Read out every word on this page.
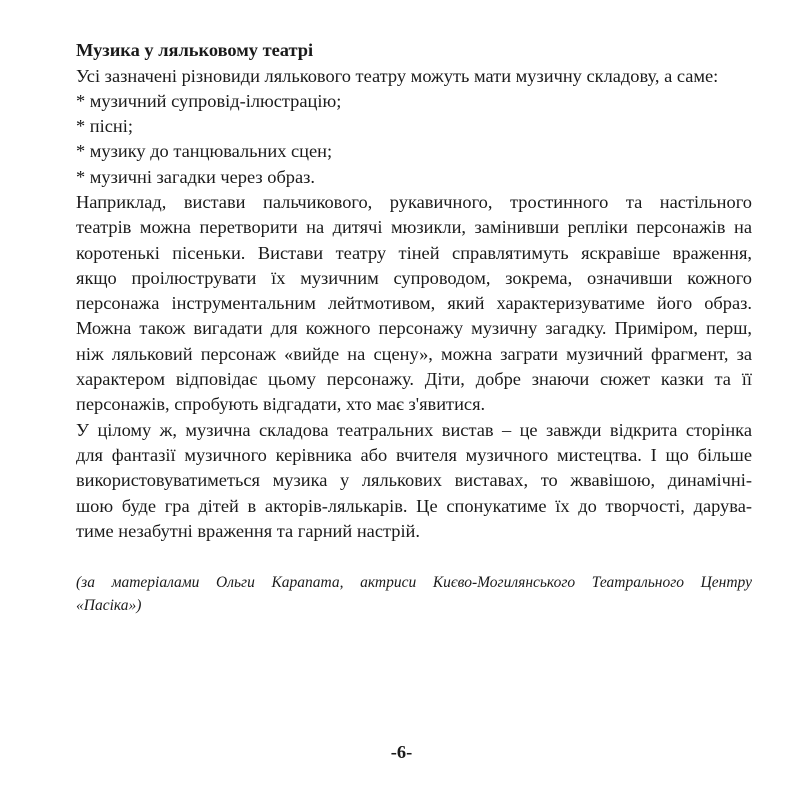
Музика у ляльковому театрі

Усі зазначені різновиди лялькового театру можуть мати музичну складову, а саме:

* музичний супровід-ілюстрацію;

* пісні;

* музику до танцювальних сцен;

* музичні загадки через образ.

Наприклад, вистави пальчикового, рукавичного, тростинного та настільного

театрів можна перетворити на дитячі мюзикли, замінивши репліки персонажів на

коротенькі пісеньки. Вистави театру тіней справлятимуть яскравіше враження,

якщо проілюструвати їх музичним супроводом, зокрема, означивши кожного

персонажа інструментальним лейтмотивом, який характеризуватиме його образ.

Можна також вигадати для кожного персонажу музичну загадку. Приміром, перш,

ніж ляльковий персонаж «вийде на сцену», можна заграти музичний фрагмент, за

характером відповідає цьому персонажу. Діти, добре знаючи сюжет казки та її

персонажів, спробують відгадати, хто має з'явитися.

У цілому ж, музична складова театральних вистав – це завжди відкрита сторінка

для фантазії музичного керівника або вчителя музичного мистецтва. І що більше

використовуватиметься музика у лялькових виставах, то жвавішою, динамічні-

шою буде гра дітей в акторів-лялькарів. Це спонукатиме їх до творчості, дарува-

тиме незабутні враження та гарний настрій.

(за матеріалами Ольги Карапата, актриси Києво-Могилянського Театрального Центру

«Пасіка»)

-6-
